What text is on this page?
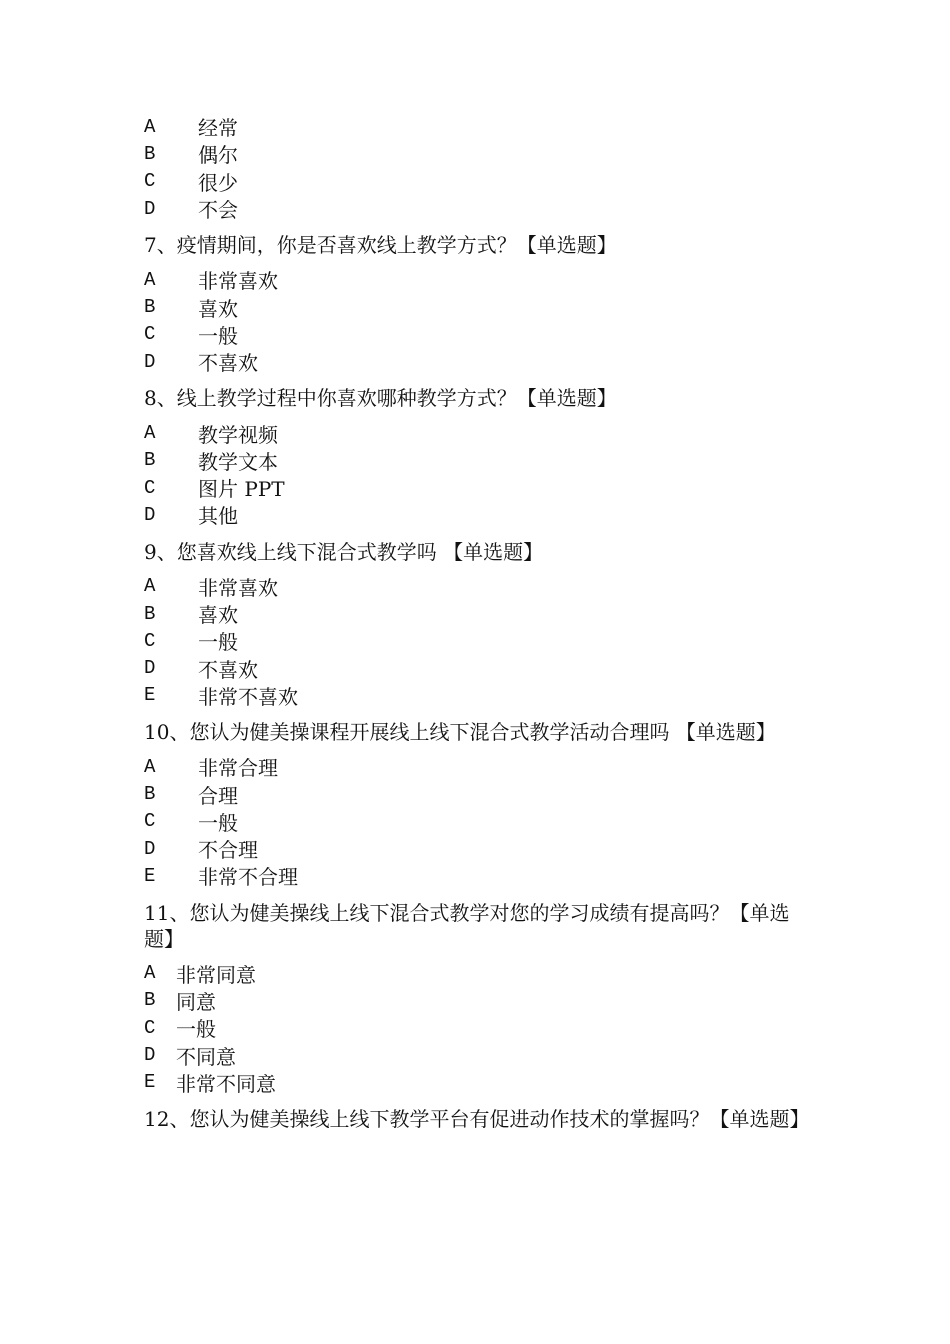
A	经常
B	偶尔
C	很少
D	不会
7、疫情期间，你是否喜欢线上教学方式？【单选题】
A	非常喜欢
B	喜欢
C	一般
D	不喜欢
8、线上教学过程中你喜欢哪种教学方式？【单选题】
A	教学视频
B	教学文本
C	图片 PPT
D	其他
9、您喜欢线上线下混合式教学吗 【单选题】
A	非常喜欢
B	喜欢
C	一般
D	不喜欢
E	非常不喜欢
10、您认为健美操课程开展线上线下混合式教学活动合理吗 【单选题】
A	非常合理
B	合理
C	一般
D	不合理
E	非常不合理
11、您认为健美操线上线下混合式教学对您的学习成绩有提高吗？【单选题】
A	非常同意
B	同意
C	一般
D	不同意
E	非常不同意
12、您认为健美操线上线下教学平台有促进动作技术的掌握吗？【单选题】
